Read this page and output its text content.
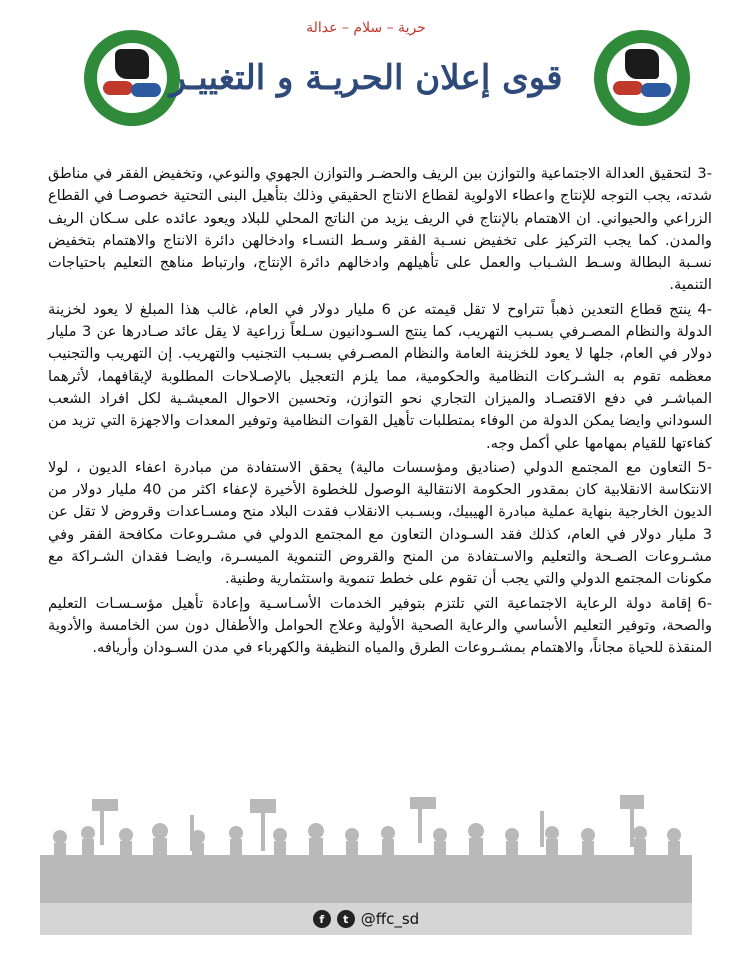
حرية – سلام – عدالة
قوى إعلان الحريـة و التغييـر

-3لتحقيق العدالة الاجتماعية والتوازن بين الريف والحضـر والتوازن الجهوي والنوعي، وتخفيض الفقر في مناطق شدته، يجب التوجه للإنتاج واعطاء الاولوية لقطاع الانتاج الحقيقي وذلك بتأهيل البنى التحتية خصوصـا في القطاع الزراعي والحيواني. ان الاهتمام بالإنتاج في الريف يزيد من الناتج المحلي للبلاد ويعود عائده على سـكان الريف والمدن. كما يجب التركيز على تخفيض نسـبة الفقر وسـط النسـاء وادخالهن دائرة الانتاج والاهتمام بتخفيض نسـبة البطالة وسـط الشـباب والعمل على تأهيلهم وادخالهم دائرة الإنتاج، وارتباط مناهج التعليم باحتياجات التنمية.

-4ينتج قطاع التعدين ذهباً تتراوح لا تقل قيمته عن 6 مليار دولار في العام، غالب هذا المبلغ لا يعود لخزينة الدولة والنظام المصـرفي بسـبب التهريب، كما ينتج السـودانيون سـلعاً زراعية لا يقل عائد صـادرها عن 3 مليار دولار في العام، جلها لا يعود للخزينة العامة والنظام المصـرفي بسـبب التجنيب والتهريب. إن التهريب والتجنيب معظمه تقوم به الشـركات النظامية والحكومية، مما يلزم التعجيل بالإصـلاحات المطلوبة لإيقافهما، لأثرهما المباشـر في دفع الاقتصـاد والميزان التجاري نحو التوازن، وتحسين الاحوال المعيشـية لكل افراد الشعب السوداني وايضا يمكن الدولة من الوفاء بمتطلبات تأهيل القوات النظامية وتوفير المعدات والاجهزة التي تزيد من كفاءتها للقيام بمهامها علي أكمل وجه.

-5التعاون مع المجتمع الدولي (صناديق ومؤسسات مالية) يحقق الاستفادة من مبادرة اعفاء الديون ، لولا الانتكاسة الانقلابية كان بمقدور الحكومة الانتقالية الوصول للخطوة الأخيرة لإعفاء اكثر من 40 مليار دولار من الديون الخارجية بنهاية عملية مبادرة الهيبيك، وبسـبب الانقلاب فقدت البلاد منح ومسـاعدات وقروض لا تقل عن 3 مليار دولار في العام، كذلك فقد السـودان التعاون مع المجتمع الدولي في مشـروعات مكافحة الفقر وفي مشـروعات الصـحة والتعليم والاسـتفادة من المنح والقروض التنموية الميسـرة، وايضـا فقدان الشـراكة مع مكونات المجتمع الدولي والتي يجب أن تقوم على خطط تنموية واستثمارية وطنية.

-6إقامة دولة الرعاية الاجتماعية التي تلتزم بتوفير الخدمات الأسـاسـية وإعادة تأهيل مؤسـسـات التعليم والصحة، وتوفير التعليم الأساسي والرعاية الصحية الأولية وعلاج الحوامل والأطفال دون سن الخامسة والأدوية المنقذة للحياة مجاناً، والاهتمام بمشـروعات الطرق والمياه النظيفة والكهرباء في مدن السـودان وأريافه.

f	t @ffc_sd
